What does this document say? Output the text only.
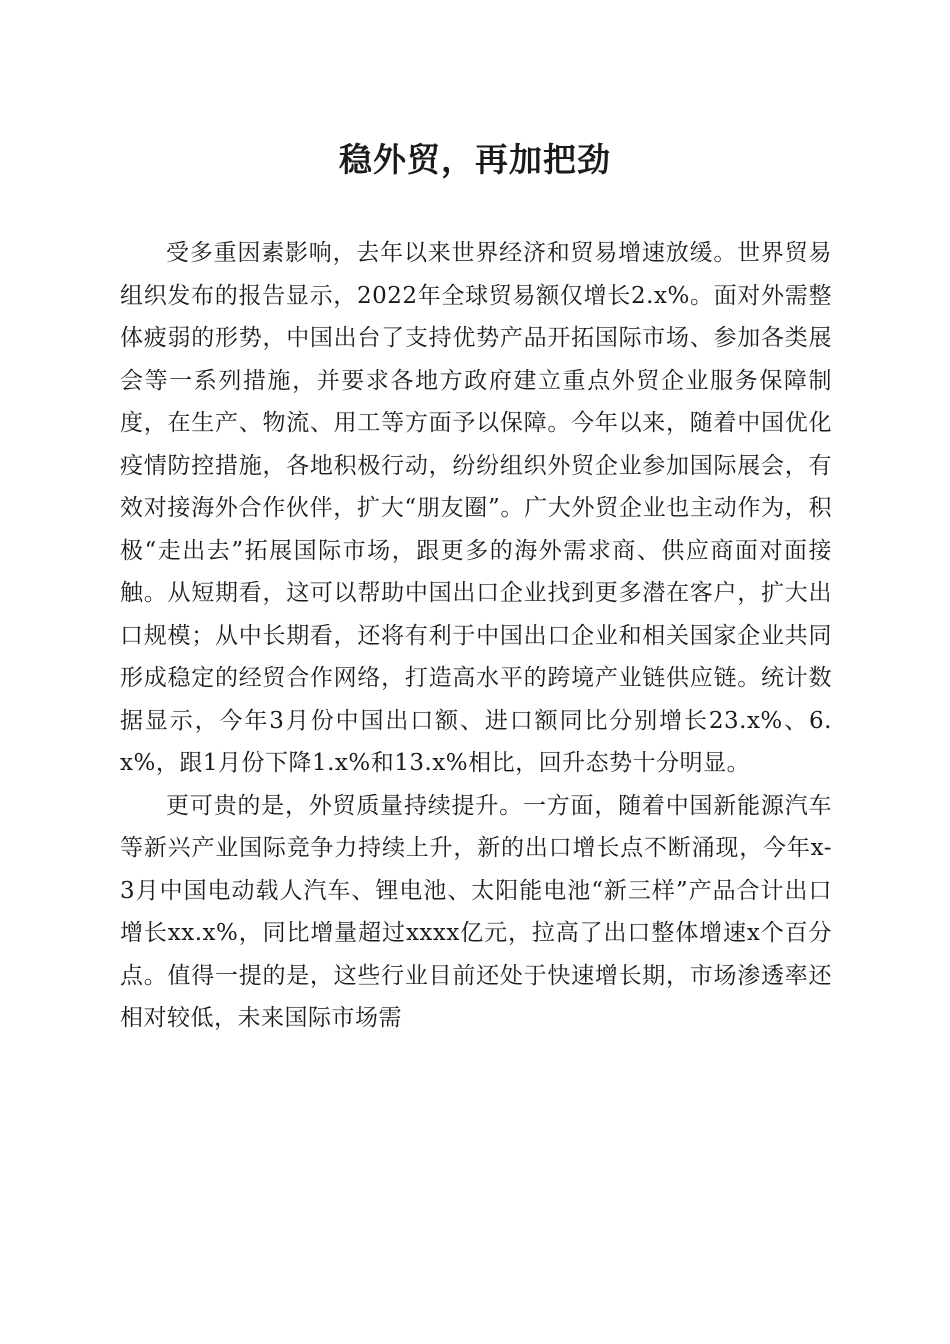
稳外贸，再加把劲

受多重因素影响，去年以来世界经济和贸易增速放缓。世界贸易组织发布的报告显示，2022年全球贸易额仅增长2.x%。面对外需整体疲弱的形势，中国出台了支持优势产品开拓国际市场、参加各类展会等一系列措施，并要求各地方政府建立重点外贸企业服务保障制度，在生产、物流、用工等方面予以保障。今年以来，随着中国优化疫情防控措施，各地积极行动，纷纷组织外贸企业参加国际展会，有效对接海外合作伙伴，扩大“朋友圈”。广大外贸企业也主动作为，积极“走出去”拓展国际市场，跟更多的海外需求商、供应商面对面接触。从短期看，这可以帮助中国出口企业找到更多潜在客户，扩大出口规模；从中长期看，还将有利于中国出口企业和相关国家企业共同形成稳定的经贸合作网络，打造高水平的跨境产业链供应链。统计数据显示，今年3月份中国出口额、进口额同比分别增长23.x%、6.x%，跟1月份下降1.x%和13.x%相比，回升态势十分明显。

更可贵的是，外贸质量持续提升。一方面，随着中国新能源汽车等新兴产业国际竞争力持续上升，新的出口增长点不断涌现，今年x-3月中国电动载人汽车、锂电池、太阳能电池“新三样”产品合计出口增长xx.x%，同比增量超过xxxx亿元，拉高了出口整体增速x个百分点。值得一提的是，这些行业目前还处于快速增长期，市场渗透率还相对较低，未来国际市场需
